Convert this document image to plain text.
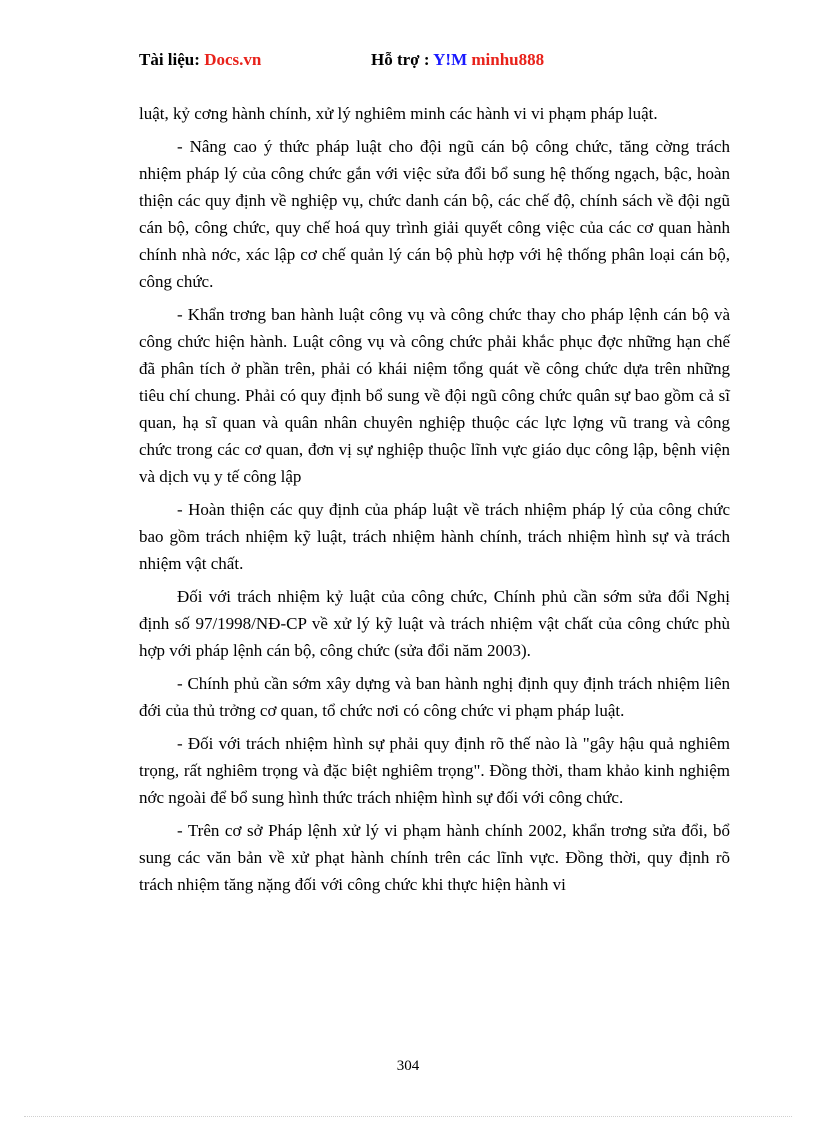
Tài liệu: Docs.vn	Hỗ trợ : Y!M minhu888

luật, kỷ cơng hành chính, xử lý nghiêm minh các hành vi vi phạm pháp luật.

- Nâng cao ý thức pháp luật cho đội ngũ cán bộ công chức, tăng cờng trách nhiệm pháp lý của công chức gắn với việc sửa đổi bổ sung hệ thống ngạch, bậc, hoàn thiện các quy định về nghiệp vụ, chức danh cán bộ, các chế độ, chính sách về đội ngũ cán bộ, công chức, quy chế hoá quy trình giải quyết công việc của các cơ quan hành chính nhà nớc, xác lập cơ chế quản lý cán bộ phù hợp với hệ thống phân loại cán bộ, công chức.

- Khẩn trơng ban hành luật công vụ và công chức thay cho pháp lệnh cán bộ và công chức hiện hành. Luật công vụ và công chức phải khắc phục đợc những hạn chế đã phân tích ở phần trên, phải có khái niệm tổng quát về công chức dựa trên những tiêu chí chung. Phải có quy định bổ sung về đội ngũ công chức quân sự bao gồm cả sĩ quan, hạ sĩ quan và quân nhân chuyên nghiệp thuộc các lực lợng vũ trang và công chức trong các cơ quan, đơn vị sự nghiệp thuộc lĩnh vực giáo dục công lập, bệnh viện và dịch vụ y tế công lập

- Hoàn thiện các quy định của pháp luật về trách nhiệm pháp lý của công chức bao gồm trách nhiệm kỹ luật, trách nhiệm hành chính, trách nhiệm hình sự và trách nhiệm vật chất.

Đối với trách nhiệm kỷ luật của công chức, Chính phủ cần sớm sửa đổi Nghị định số 97/1998/NĐ-CP về xử lý kỹ luật và trách nhiệm vật chất của công chức phù hợp với pháp lệnh cán bộ, công chức (sửa đổi năm 2003).

- Chính phủ cần sớm xây dựng và ban hành nghị định quy định trách nhiệm liên đới của thủ trởng cơ quan, tổ chức nơi có công chức vi phạm pháp luật.

- Đối với trách nhiệm hình sự phải quy định rõ thế nào là "gây hậu quả nghiêm trọng, rất nghiêm trọng và đặc biệt nghiêm trọng". Đồng thời, tham khảo kinh nghiệm nớc ngoài để bổ sung hình thức trách nhiệm hình sự đối với công chức.

- Trên cơ sở Pháp lệnh xử lý vi phạm hành chính 2002, khẩn trơng sửa đổi, bổ sung các văn bản về xử phạt hành chính trên các lĩnh vực. Đồng thời, quy định rõ trách nhiệm tăng nặng đối với công chức khi thực hiện hành vi

304
